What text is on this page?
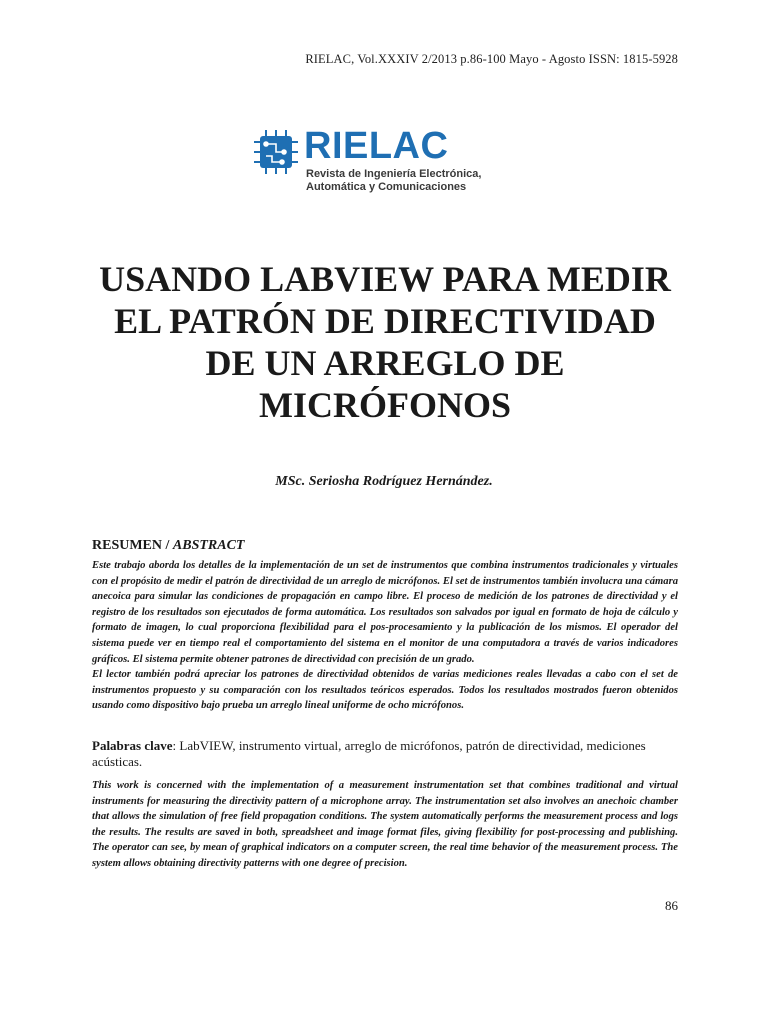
RIELAC, Vol.XXXIV 2/2013 p.86-100 Mayo - Agosto ISSN: 1815-5928
RIELAC
Revista de Ingeniería Electrónica,
Automática y Comunicaciones
USANDO LABVIEW PARA MEDIR
EL PATRÓN DE DIRECTIVIDAD
DE UN ARREGLO DE
MICRÓFONOS
MSc. Seriosha Rodríguez Hernández.
RESUMEN / ABSTRACT

Este trabajo aborda los detalles de la implementación de un set de instrumentos que combina instrumentos tradicionales y virtuales con el propósito de medir el patrón de directividad de un arreglo de micrófonos. El set de instrumentos también involucra una cámara anecoica para simular las condiciones de propagación en campo libre. El proceso de medición de los patrones de directividad y el registro de los resultados son ejecutados de forma automática. Los resultados son salvados por igual en formato de hoja de cálculo y formato de imagen, lo cual proporciona flexibilidad para el pos-procesamiento y la publicación de los mismos. El operador del sistema puede ver en tiempo real el comportamiento del sistema en el monitor de una computadora a través de varios indicadores gráficos. El sistema permite obtener patrones de directividad con precisión de un grado.

El lector también podrá apreciar los patrones de directividad obtenidos de varias mediciones reales llevadas a cabo con el set de instrumentos propuesto y su comparación con los resultados teóricos esperados. Todos los resultados mostrados fueron obtenidos usando como dispositivo bajo prueba un arreglo lineal uniforme de ocho micrófonos.

Palabras clave: LabVIEW, instrumento virtual, arreglo de micrófonos, patrón de directividad, mediciones acústicas.

This work is concerned with the implementation of a measurement instrumentation set that combines traditional and virtual instruments for measuring the directivity pattern of a microphone array. The instrumentation set also involves an anechoic chamber that allows the simulation of free field propagation conditions. The system automatically performs the measurement process and logs the results. The results are saved in both, spreadsheet and image format files, giving flexibility for post-processing and publishing. The operator can see, by mean of graphical indicators on a computer screen, the real time behavior of the measurement process. The system allows obtaining directivity patterns with one degree of precision.

86
